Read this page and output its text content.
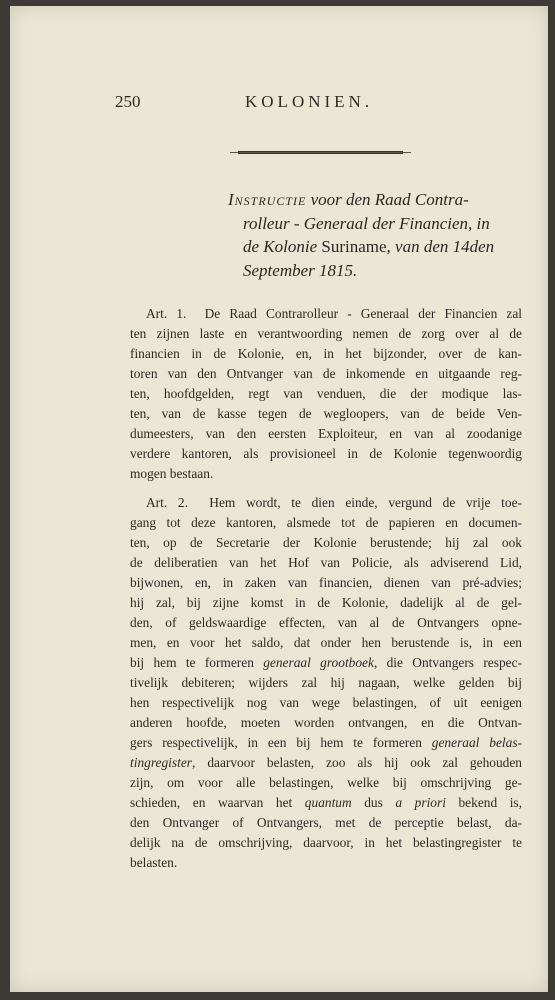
250	KOLONIEN.
Instructie voor den Raad Contra-
rolleur - Generaal der Financien, in
de Kolonie Suriname, van den 14den
September 1815.
Art. 1. De Raad Contrarolleur - Generaal der Financien zal
ten zijnen laste en verantwoording nemen de zorg over al de
financien in de Kolonie, en, in het bijzonder, over de kan-
toren van den Ontvanger van de inkomende en uitgaande reg-
ten, hoofdgelden, regt van venduen, die der modique las-
ten, van de kasse tegen de wegloopers, van de beide Ven-
dumeesters, van den eersten Exploiteur, en van al zoodanige
verdere kantoren, als provisioneel in de Kolonie tegenwoordig
mogen bestaan.
Art. 2. Hem wordt, te dien einde, vergund de vrije toe-
gang tot deze kantoren, alsmede tot de papieren en documen-
ten, op de Secretarie der Kolonie berustende; hij zal ook
de deliberatien van het Hof van Policie, als adviserend Lid,
bijwonen, en, in zaken van financien, dienen van pré-advies;
hij zal, bij zijne komst in de Kolonie, dadelijk al de gel-
den, of geldswaardige effecten, van al de Ontvangers opne-
men, en voor het saldo, dat onder hen berustende is, in een
bij hem te formeren generaal grootboek, die Ontvangers respec-
tivelijk debiteren; wijders zal hij nagaan, welke gelden bij
hen respectivelijk nog van wege belastingen, of uit eenigen
anderen hoofde, moeten worden ontvangen, en die Ontvan-
gers respectivelijk, in een bij hem te formeren generaal belas-
tingregister, daarvoor belasten, zoo als hij ook zal gehouden
zijn, om voor alle belastingen, welke bij omschrijving ge-
schieden, en waarvan het quantum dus a priori bekend is,
den Ontvanger of Ontvangers, met de perceptie belast, da-
delijk na de omschrijving, daarvoor, in het belastingregister te
belasten.
